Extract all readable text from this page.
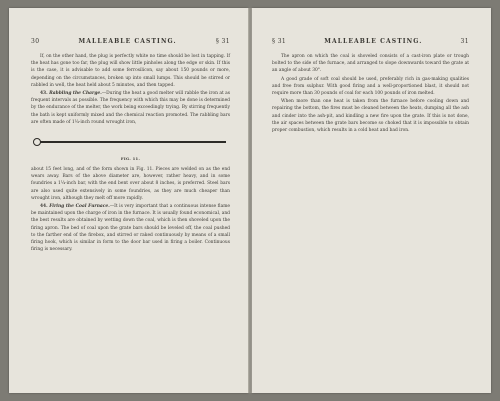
30	MALLEABLE CASTING.	§ 31

If, on the other hand, the plug is perfectly white no time should be lost in tapping. If the heat has gone too far, the plug will show little pinholes along the edge or skin. If this is the case, it is advisable to add some ferrosilicon, say about 150 pounds or more, depending on the circumstances, broken up into small lumps. This should be stirred or rabbled in well, the heat held about 5 minutes, and then tapped.

43. Rabbling the Charge.—During the heat a good melter will rabble the iron at as frequent intervals as possible. The frequency with which this may be done is determined by the endurance of the melter, the work being exceedingly trying. By stirring frequently the bath is kept uniformly mixed and the chemical reaction promoted. The rabbling bars are often made of 1¼-inch round wrought iron,

FIG. 11.

about 15 feet long, and of the form shown in Fig. 11. Pieces are welded on as the end wears away. Bars of the above diameter are, however, rather heavy, and in some foundries a 1¼-inch bar, with the end bent over about 8 inches, is preferred. Steel bars are also used quite extensively in some foundries, as they are much cheaper than wrought iron, although they melt off more rapidly.

44. Firing the Coal Furnace.—It is very important that a continuous intense flame be maintained upon the charge of iron in the furnace. It is usually found economical, and the best results are obtained by wetting down the coal, which is then shoveled upon the firing apron. The bed of coal upon the grate bars should be leveled off, the coal pushed to the farther end of the firebox, and stirred or raked continuously by means of a small firing hook, which is similar in form to the door bar used in firing a boiler. Continuous firing is necessary.

§ 31	MALLEABLE CASTING.	31

The apron on which the coal is shoveled consists of a cast-iron plate or trough bolted to the side of the furnace, and arranged to slope downwards toward the grate at an angle of about 30°.

A good grade of soft coal should be used, preferably rich in gas-making qualities and free from sulphur. With good firing and a well-proportioned blast, it should not require more than 30 pounds of coal for each 100 pounds of iron melted.

When more than one heat is taken from the furnace before cooling down and repairing the bottom, the fires must be cleaned between the heats, dumping all the ash and cinder into the ash-pit, and kindling a new fire upon the grate. If this is not done, the air spaces between the grate bars become so choked that it is impossible to obtain proper combustion, which results in a cold heat and bad iron.
